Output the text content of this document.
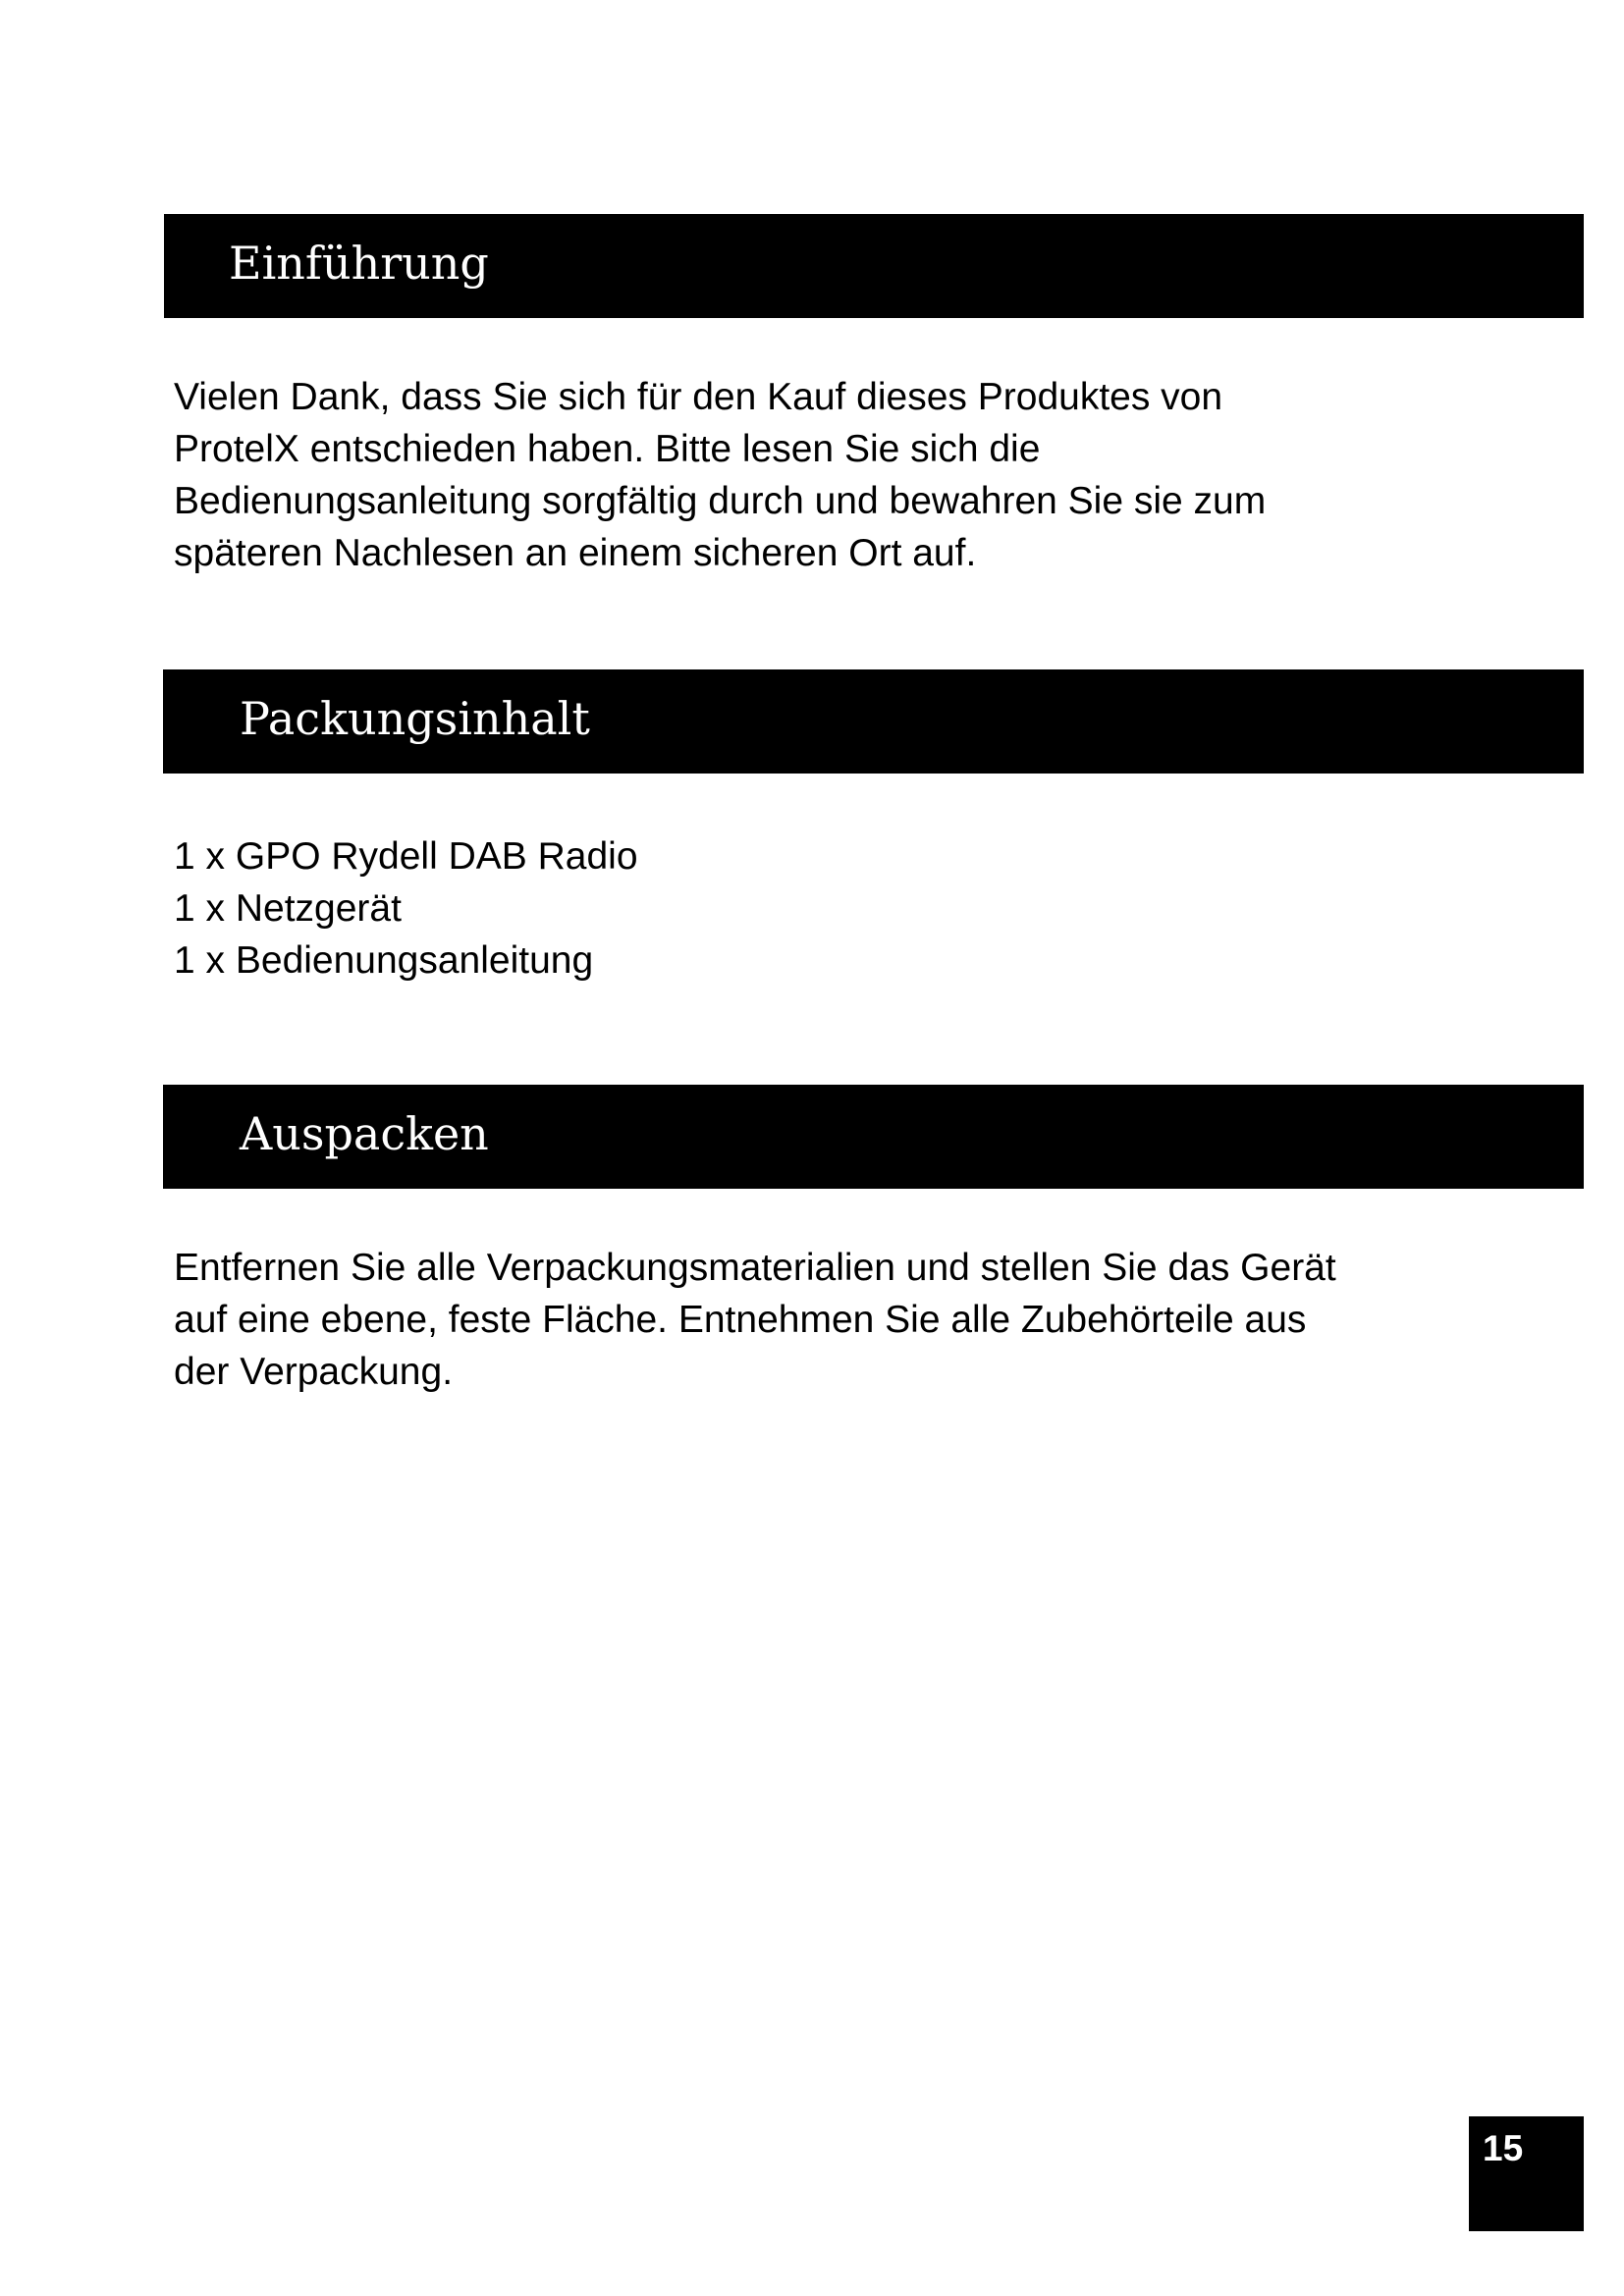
Einführung

Vielen Dank, dass Sie sich für den Kauf dieses Produktes von
ProtelX entschieden haben. Bitte lesen Sie sich die
Bedienungsanleitung sorgfältig durch und bewahren Sie sie zum
späteren Nachlesen an einem sicheren Ort auf.

Packungsinhalt
1 x GPO Rydell DAB Radio
1 x Netzgerät
1 x Bedienungsanleitung
Auspacken

Entfernen Sie alle Verpackungsmaterialien und stellen Sie das Gerät
auf eine ebene, feste Fläche. Entnehmen Sie alle Zubehörteile aus
der Verpackung.

15
